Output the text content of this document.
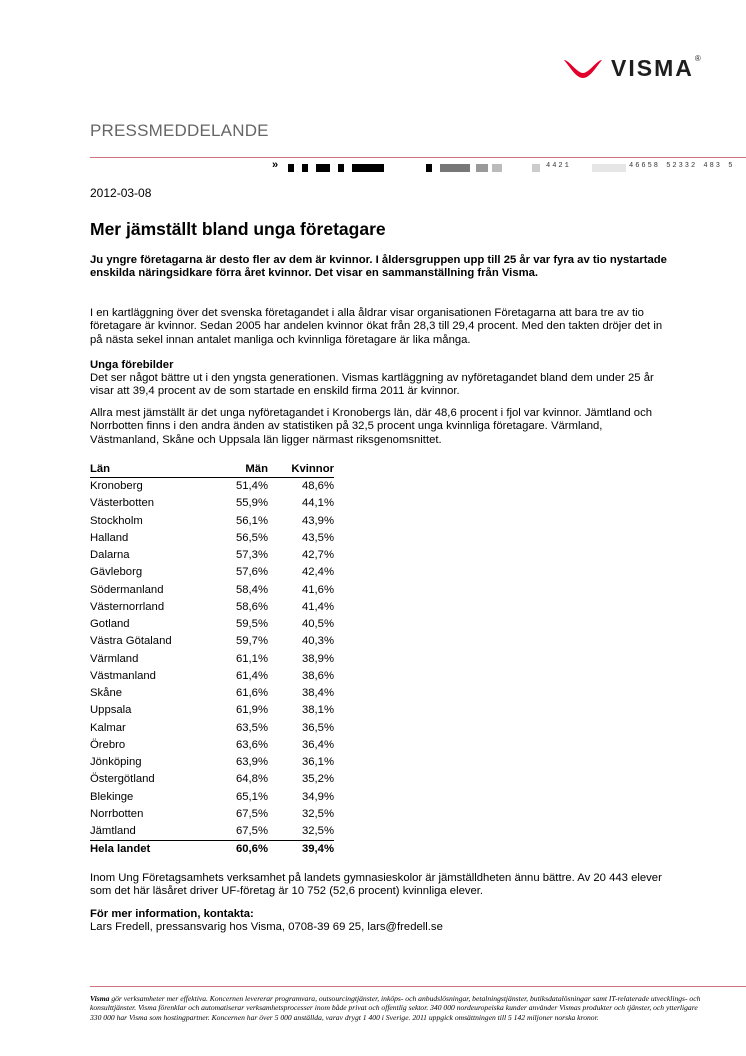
VISMA ®
PRESSMEDDELANDE
»	4421	46658 52332 483 5
2012-03-08
Mer jämställt bland unga företagare
Ju yngre företagarna är desto fler av dem är kvinnor. I åldersgruppen upp till 25 år var fyra av tio nystartade enskilda näringsidkare förra året kvinnor. Det visar en sammanställning från Visma.
I en kartläggning över det svenska företagandet i alla åldrar visar organisationen Företagarna att bara tre av tio företagare är kvinnor. Sedan 2005 har andelen kvinnor ökat från 28,3 till 29,4 procent. Med den takten dröjer det in på nästa sekel innan antalet manliga och kvinnliga företagare är lika många.
Unga förebilder
Det ser något bättre ut i den yngsta generationen. Vismas kartläggning av nyföretagandet bland dem under 25 år visar att 39,4 procent av de som startade en enskild firma 2011 är kvinnor.
Allra mest jämställt är det unga nyföretagandet i Kronobergs län, där 48,6 procent i fjol var kvinnor. Jämtland och Norrbotten finns i den andra änden av statistiken på 32,5 procent unga kvinnliga företagare. Värmland, Västmanland, Skåne och Uppsala län ligger närmast riksgenomsnittet.
Län	Män	Kvinnor
Kronoberg	51,4%	48,6%
Västerbotten	55,9%	44,1%
Stockholm	56,1%	43,9%
Halland	56,5%	43,5%
Dalarna	57,3%	42,7%
Gävleborg	57,6%	42,4%
Södermanland	58,4%	41,6%
Västernorrland	58,6%	41,4%
Gotland	59,5%	40,5%
Västra Götaland	59,7%	40,3%
Värmland	61,1%	38,9%
Västmanland	61,4%	38,6%
Skåne	61,6%	38,4%
Uppsala	61,9%	38,1%
Kalmar	63,5%	36,5%
Örebro	63,6%	36,4%
Jönköping	63,9%	36,1%
Östergötland	64,8%	35,2%
Blekinge	65,1%	34,9%
Norrbotten	67,5%	32,5%
Jämtland	67,5%	32,5%
Hela landet	60,6%	39,4%
Inom Ung Företagsamhets verksamhet på landets gymnasieskolor är jämställdheten ännu bättre. Av 20 443 elever som det här läsåret driver UF-företag är 10 752 (52,6 procent) kvinnliga elever.
För mer information, kontakta:
Lars Fredell, pressansvarig hos Visma, 0708-39 69 25, lars@fredell.se
Visma gör verksamheter mer effektiva. Koncernen levererar programvara, outsourcingtjänster, inköps- och anbudslösningar, betalningstjänster, butiksdatalösningar samt IT-relaterade utvecklings- och konsulttjänster. Visma förenklar och automatiserar verksamhetsprocesser inom både privat och offentlig sektor. 340 000 nordeuropeiska kunder använder Vismas produkter och tjänster, och ytterligare 330 000 har Visma som hostingpartner. Koncernen har över 5 000 anställda, varav drygt 1 400 i Sverige. 2011 uppgick omsättningen till 5 142 miljoner norska kronor.
